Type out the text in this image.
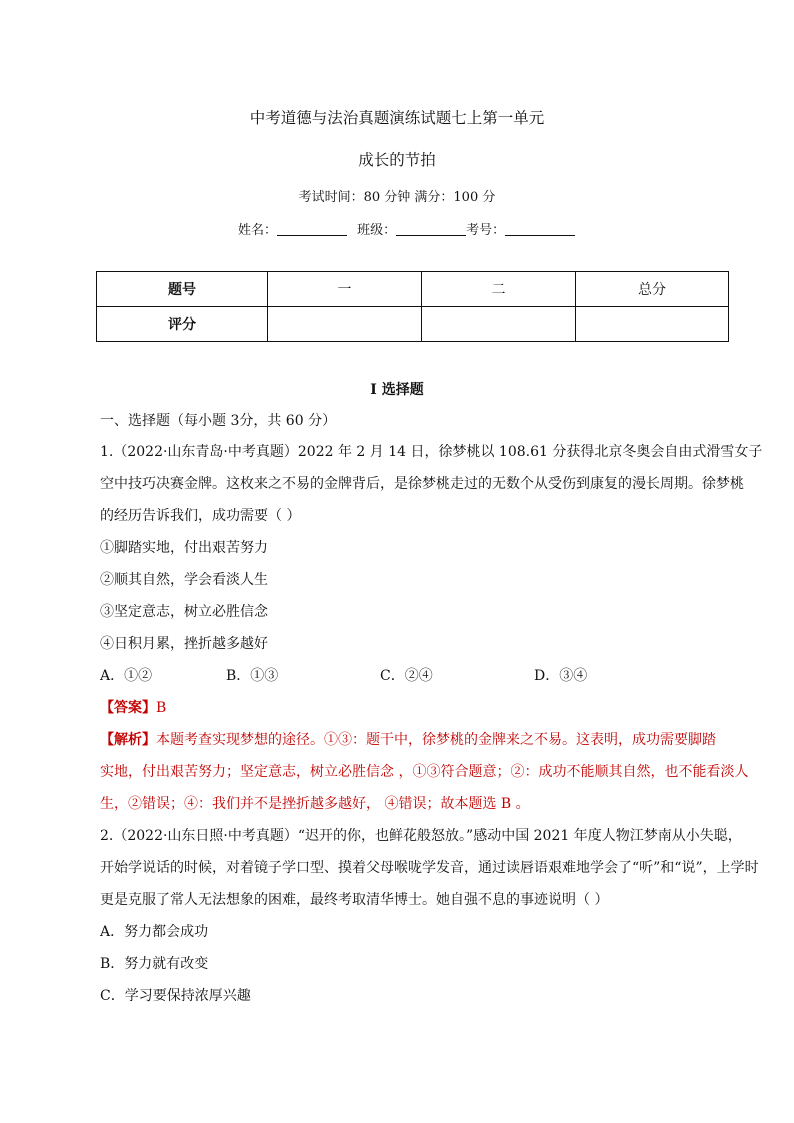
中考道德与法治真题演练试题七上第一单元
成长的节拍
考试时间：80 分钟 满分：100 分
姓名：	班级：	考号：
题号	一	二	总分
评分			
I 选择题
一、选择题（每小题 3分，共 60 分）
1.（2022·山东青岛·中考真题）2022 年 2 月 14 日，徐梦桃以 108.61 分获得北京冬奥会自由式滑雪女子
空中技巧决赛金牌。这枚来之不易的金牌背后，是徐梦桃走过的无数个从受伤到康复的漫长周期。徐梦桃
的经历告诉我们，成功需要（ ）
①脚踏实地，付出艰苦努力
②顺其自然，学会看淡人生
③坚定意志，树立必胜信念
④日积月累，挫折越多越好
A．①②	B．①③	C．②④	D．③④
【答案】B
【解析】本题考查实现梦想的途径。①③：题干中，徐梦桃的金牌来之不易。这表明，成功需要脚踏
实地，付出艰苦努力；坚定意志，树立必胜信念 ，①③符合题意；②：成功不能顺其自然，也不能看淡人
生，②错误；④：我们并不是挫折越多越好， ④错误；故本题选 B 。
2.（2022·山东日照·中考真题）“迟开的你，也鲜花般怒放。”感动中国 2021 年度人物江梦南从小失聪，
开始学说话的时候，对着镜子学口型、摸着父母喉咙学发音，通过读唇语艰难地学会了“听”和“说”，上学时
更是克服了常人无法想象的困难，最终考取清华博士。她自强不息的事迹说明（ ）
A．努力都会成功
B．努力就有改变
C．学习要保持浓厚兴趣
